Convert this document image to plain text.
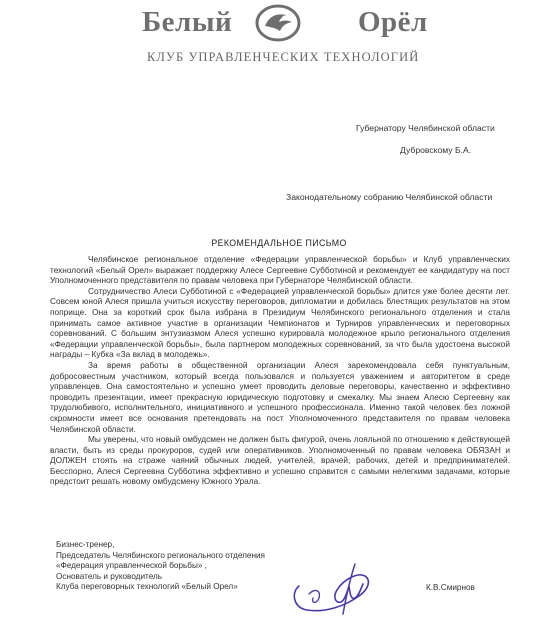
Белый	Орёл
КЛУБ УПРАВЛЕНЧЕСКИХ ТЕХНОЛОГИЙ
Губернатору Челябинской области
Дубровскому Б.А.
Законодательному собранию Челябинской области
РЕКОМЕНДАЛЬНОЕ ПИСЬМО

Челябинское региональное отделение «Федерации управленческой борьбы» и Клуб управленческих технологий «Белый Орел» выражает поддержку Алесе Сергеевне Субботиной и рекомендует ее кандидатуру на пост Уполномоченного представителя по правам человека при Губернаторе Челябинской области.

Сотрудничество Алеси Субботиной с «Федерацией управленческой борьбы» длится уже более десяти лет. Совсем юной Алеся пришла учиться искусству переговоров, дипломатии и добилась блестящих результатов на этом поприще. Она за короткий срок была избрана в Президиум Челябинского регионального отделения и стала принимать самое активное участие в организации Чемпионатов и Турниров управленческих и переговорных соревнований. С большим энтузиазмом Алеся успешно курировала молодежное крыло регионального отделения «Федерации управленческой борьбы», была партнером молодежных соревнований, за что была удостоена высокой награды – Кубка «За вклад в молодежь».

За время работы в общественной организации Алеся зарекомендовала себя пунктуальным, добросовестным участником, который всегда пользовался и пользуется уважением и авторитетом в среде управленцев. Она самостоятельно и успешно умеет проводить деловые переговоры, качественно и эффективно проводить презентации, имеет прекрасную юридическую подготовку и смекалку. Мы знаем Алесю Сергеевну как трудолюбивого, исполнительного, инициативного и успешного профессионала. Именно такой человек без ложной скромности имеет все основания претендовать на пост Уполномоченного представителя по правам человека Челябинской области.

Мы уверены, что новый омбудсмен не должен быть фигурой, очень лояльной по отношению к действующей власти, быть из среды прокуроров, судей или оперативников. Уполномоченный по правам человека ОБЯЗАН и ДОЛЖЕН стоять на страже чаяний обычных людей, учителей, врачей, рабочих, детей и предпринимателей. Бесспорно, Алеся Сергеевна Субботина эффективно и успешно справится с самыми нелегкими задачами, которые предстоит решать новому омбудсмену Южного Урала.

Бизнес-тренер,
Председатель Челябинского регионального отделения
«Федерация управленческой борьбы» ,
Основатель и руководитель
Клуба переговорных технологий «Белый Орел»	К.В.Смирнов
